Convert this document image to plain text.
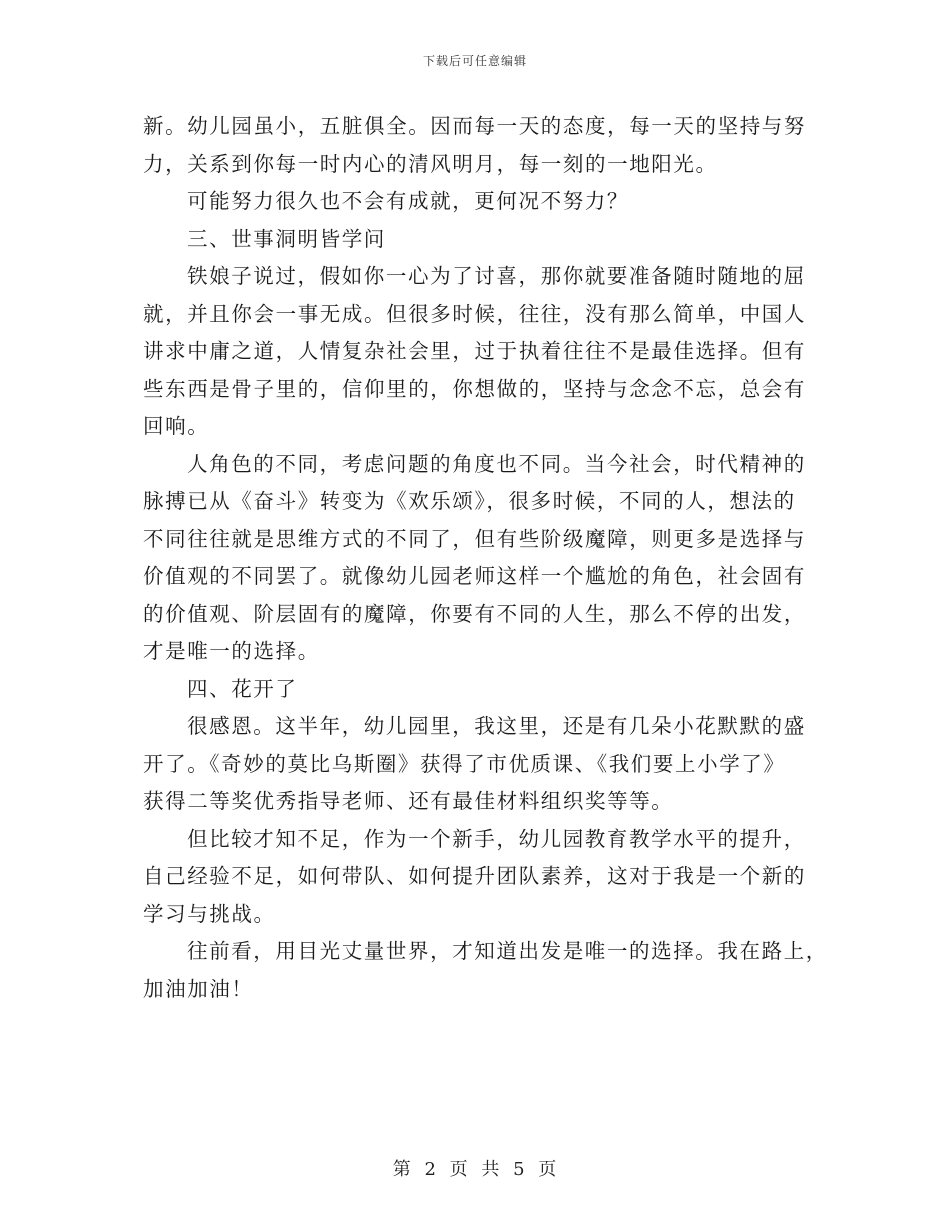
下载后可任意编辑

新。幼儿园虽小，五脏俱全。因而每一天的态度，每一天的坚持与努
力，关系到你每一时内心的清风明月，每一刻的一地阳光。

可能努力很久也不会有成就，更何况不努力？

三、世事洞明皆学问

铁娘子说过，假如你一心为了讨喜，那你就要准备随时随地的屈
就，并且你会一事无成。但很多时候，往往，没有那么简单，中国人
讲求中庸之道，人情复杂社会里，过于执着往往不是最佳选择。但有
些东西是骨子里的，信仰里的，你想做的，坚持与念念不忘，总会有
回响。

人角色的不同，考虑问题的角度也不同。当今社会，时代精神的
脉搏已从《奋斗》转变为《欢乐颂》，很多时候，不同的人，想法的
不同往往就是思维方式的不同了，但有些阶级魔障，则更多是选择与
价值观的不同罢了。就像幼儿园老师这样一个尴尬的角色，社会固有
的价值观、阶层固有的魔障，你要有不同的人生，那么不停的出发，
才是唯一的选择。

四、花开了

很感恩。这半年，幼儿园里，我这里，还是有几朵小花默默的盛
开了。《奇妙的莫比乌斯圈》获得了市优质课、《我们要上小学了》
获得二等奖优秀指导老师、还有最佳材料组织奖等等。

但比较才知不足，作为一个新手，幼儿园教育教学水平的提升，
自己经验不足，如何带队、如何提升团队素养，这对于我是一个新的
学习与挑战。

往前看，用目光丈量世界，才知道出发是唯一的选择。我在路上，
加油加油！

第 2 页 共 5 页
